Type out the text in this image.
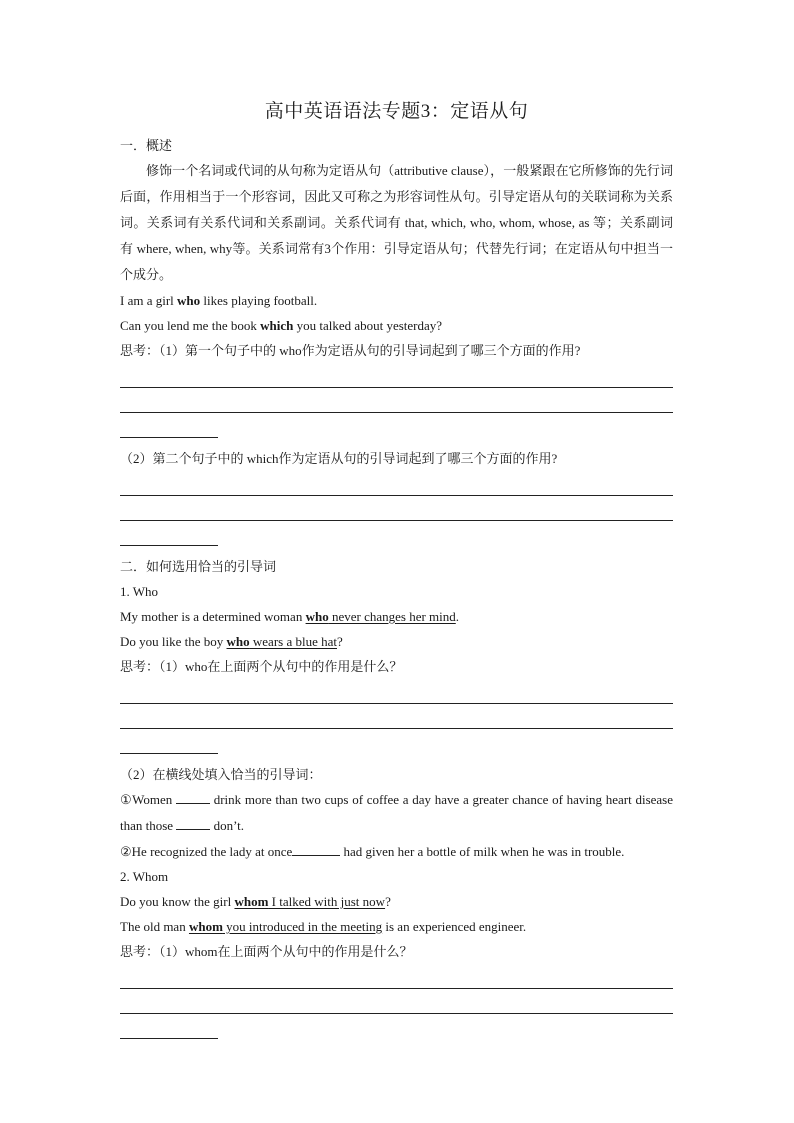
高中英语语法专题3：定语从句
一．概述

修饰一个名词或代词的从句称为定语从句（attributive clause），一般紧跟在它所修饰的先行词后面，作用相当于一个形容词，因此又可称之为形容词性从句。引导定语从句的关联词称为关系词。关系词有关系代词和关系副词。关系代词有 that, which, who, whom, whose, as 等；关系副词有 where, when, why等。关系词常有3个作用：引导定语从句；代替先行词；在定语从句中担当一个成分。

I am a girl who likes playing football.
Can you lend me the book which you talked about yesterday?
思考：（1）第一个句子中的 who作为定语从句的引导词起到了哪三个方面的作用?
（2）第二个句子中的 which作为定语从句的引导词起到了哪三个方面的作用?
二．如何选用恰当的引导词
1. Who
My mother is a determined woman who never changes her mind.
Do you like the boy who wears a blue hat?
思考：（1）who在上面两个从句中的作用是什么？
（2）在横线处填入恰当的引导词：
①Women	drink more than two cups of coffee a day have a greater chance of having heart disease than those	don’t.
②He recognized the lady at once	had given her a bottle of milk when he was in trouble.
2. Whom
Do you know the girl whom I talked with just now?
The old man whom you introduced in the meeting is an experienced engineer.
思考：（1）whom在上面两个从句中的作用是什么？
